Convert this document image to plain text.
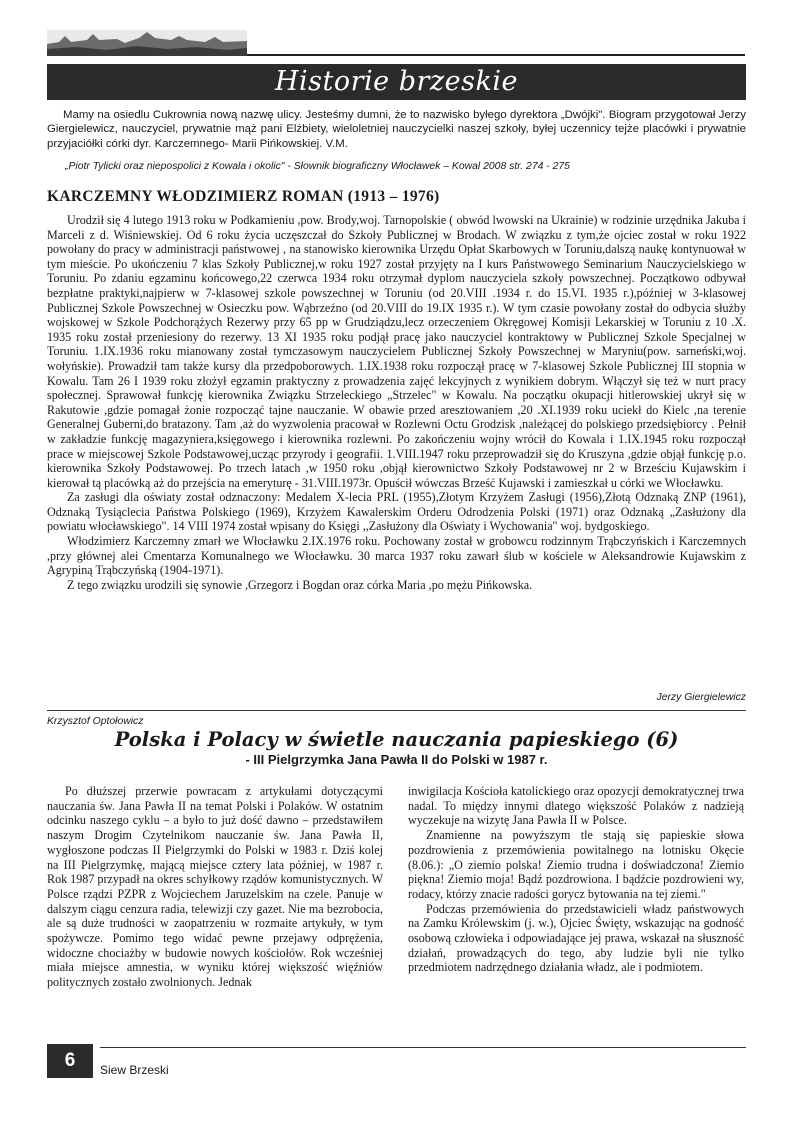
Historie brzeskie

Mamy na osiedlu Cukrownia nową nazwę ulicy. Jesteśmy dumni, że to nazwisko byłego dyrektora „Dwójki". Biogram przygotował Jerzy Giergielewicz, nauczyciel, prywatnie mąż pani Elżbiety, wieloletniej nauczycielki naszej szkoły, byłej uczennicy tejże placówki i prywatnie przyjaciółki córki dyr. Karczemnego- Marii Pińkowskiej. V.M.

„Piotr Tylicki oraz niepospolici z Kowala i okolic" - Słownik biograficzny Włocławek – Kowal 2008 str. 274 - 275

KARCZEMNY WŁODZIMIERZ ROMAN (1913 – 1976)

Urodził się 4 lutego 1913 roku w Podkamieniu ,pow. Brody,woj. Tarnopolskie ( obwód lwowski na Ukrainie) w rodzinie urzędnika Jakuba i Marceli z d. Wiśniewskiej. Od 6 roku życia uczęszczał do Szkoły Publicznej w Brodach. W związku z tym,że ojciec został w roku 1922 powołany do pracy w administracji państwowej , na stanowisko kierownika Urzędu Opłat Skarbowych w Toruniu,dalszą naukę kontynuował w tym mieście. Po ukończeniu 7 klas Szkoły Publicznej,w roku 1927 został przyjęty na I kurs Państwowego Seminarium Nauczycielskiego w Toruniu. Po zdaniu egzaminu końcowego,22 czerwca 1934 roku otrzymał dyplom nauczyciela szkoły powszechnej. Początkowo odbywał bezpłatne praktyki,najpierw w 7-klasowej szkole powszechnej w Toruniu (od 20.VIII .1934 r. do 15.VI. 1935 r.),później w 3-klasowej Publicznej Szkole Powszechnej w Osieczku pow. Wąbrzeźno (od 20.VIII do 19.IX 1935 r.). W tym czasie powołany został do odbycia służby wojskowej w Szkole Podchorążych Rezerwy przy 65 pp w Grudziądzu,lecz orzeczeniem Okręgowej Komisji Lekarskiej w Toruniu z 10 .X. 1935 roku został przeniesiony do rezerwy. 13 XI 1935 roku podjął pracę jako nauczyciel kontraktowy w Publicznej Szkole Specjalnej w Toruniu. 1.IX.1936 roku mianowany został tymczasowym nauczycielem Publicznej Szkoły Powszechnej w Maryniu(pow. sarneński,woj. wołyńskie). Prowadził tam także kursy dla przedpoborowych. 1.IX.1938 roku rozpoczął pracę w 7-klasowej Szkole Publicznej III stopnia w Kowalu. Tam 26 I 1939 roku złożył egzamin praktyczny z prowadzenia zajęć lekcyjnych z wynikiem dobrym. Włączył się też w nurt pracy społecznej. Sprawował funkcję kierownika Związku Strzeleckiego „Strzelec" w Kowalu. Na początku okupacji hitlerowskiej ukrył się w Rakutowie ,gdzie pomagał żonie rozpocząć tajne nauczanie. W obawie przed aresztowaniem ,20 .XI.1939 roku uciekł do Kielc ,na terenie Generalnej Guberni,do bratazony. Tam ,aż do wyzwolenia pracował w Rozlewni Octu Grodzisk ,należącej do polskiego przedsiębiorcy . Pełnił w zakładzie funkcję magazyniera,księgowego i kierownika rozlewni. Po zakończeniu wojny wrócił do Kowala i 1.IX.1945 roku rozpoczął prace w miejscowej Szkole Podstawowej,ucząc przyrody i geografii. 1.VIII.1947 roku przeprowadził się do Kruszyna ,gdzie objął funkcję p.o. kierownika Szkoły Podstawowej. Po trzech latach ,w 1950 roku ,objął kierownictwo Szkoły Podstawowej nr 2 w Brześciu Kujawskim i kierował tą placówką aż do przejścia na emeryturę - 31.VIII.1973r. Opuścił wówczas Brześć Kujawski i zamieszkał u córki we Włocławku.

Za zasługi dla oświaty został odznaczony: Medalem X-lecia PRL (1955),Złotym Krzyżem Zasługi (1956),Złotą Odznaką ZNP (1961), Odznaką Tysiąclecia Państwa Polskiego (1969), Krzyżem Kawalerskim Orderu Odrodzenia Polski (1971) oraz Odznaką „Zasłużony dla powiatu włocławskiego". 14 VIII 1974 został wpisany do Księgi ,,Zasłużony dla Oświaty i Wychowania" woj. bydgoskiego.

Włodzimierz Karczemny zmarł we Włocławku 2.IX.1976 roku. Pochowany został w grobowcu rodzinnym Trąbczyńskich i Karczemnych ,przy głównej alei Cmentarza Komunalnego we Włocławku. 30 marca 1937 roku zawarł ślub w kościele w Aleksandrowie Kujawskim z Agrypiną Trąbczyńską (1904-1971).

Z tego związku urodzili się synowie ,Grzegorz i Bogdan oraz córka Maria ,po mężu Pińkowska.

Jerzy Giergielewicz

Krzysztof Optołowicz

Polska i Polacy w świetle nauczania papieskiego (6)

- III Pielgrzymka Jana Pawła II do Polski w 1987 r.

Po dłuższej przerwie powracam z artykułami dotyczącymi nauczania św. Jana Pawła II na temat Polski i Polaków. W ostatnim odcinku naszego cyklu – a było to już dość dawno – przedstawiłem naszym Drogim Czytelnikom nauczanie św. Jana Pawła II, wygłoszone podczas II Pielgrzymki do Polski w 1983 r. Dziś kolej na III Pielgrzymkę, mającą miejsce cztery lata później, w 1987 r. Rok 1987 przypadł na okres schyłkowy rządów komunistycznych. W Polsce rządzi PZPR z Wojciechem Jaruzelskim na czele. Panuje w dalszym ciągu cenzura radia, telewizji czy gazet. Nie ma bezrobocia, ale są duże trudności w zaopatrzeniu w rozmaite artykuły, w tym spożywcze. Pomimo tego widać pewne przejawy odprężenia, widoczne chociażby w budowie nowych kościołów. Rok wcześniej miała miejsce amnestia, w wyniku której większość więźniów politycznych zostało zwolnionych. Jednak

inwigilacja Kościoła katolickiego oraz opozycji demokratycznej trwa nadal. To między innymi dlatego większość Polaków z nadzieją wyczekuje na wizytę Jana Pawła II w Polsce.

Znamienne na powyższym tle stają się papieskie słowa pozdrowienia z przemówienia powitalnego na lotnisku Okęcie (8.06.): „O ziemio polska! Ziemio trudna i doświadczona! Ziemio piękna! Ziemio moja! Bądź pozdrowiona. I bądźcie pozdrowieni wy, rodacy, którzy znacie radości gorycz bytowania na tej ziemi."

Podczas przemówienia do przedstawicieli władz państwowych na Zamku Królewskim (j. w.), Ojciec Święty, wskazując na godność osobową człowieka i odpowiadające jej prawa, wskazał na słuszność działań, prowadzących do tego, aby ludzie byli nie tylko przedmiotem nadrzędnego działania władz, ale i podmiotem.

6	Siew Brzeski
